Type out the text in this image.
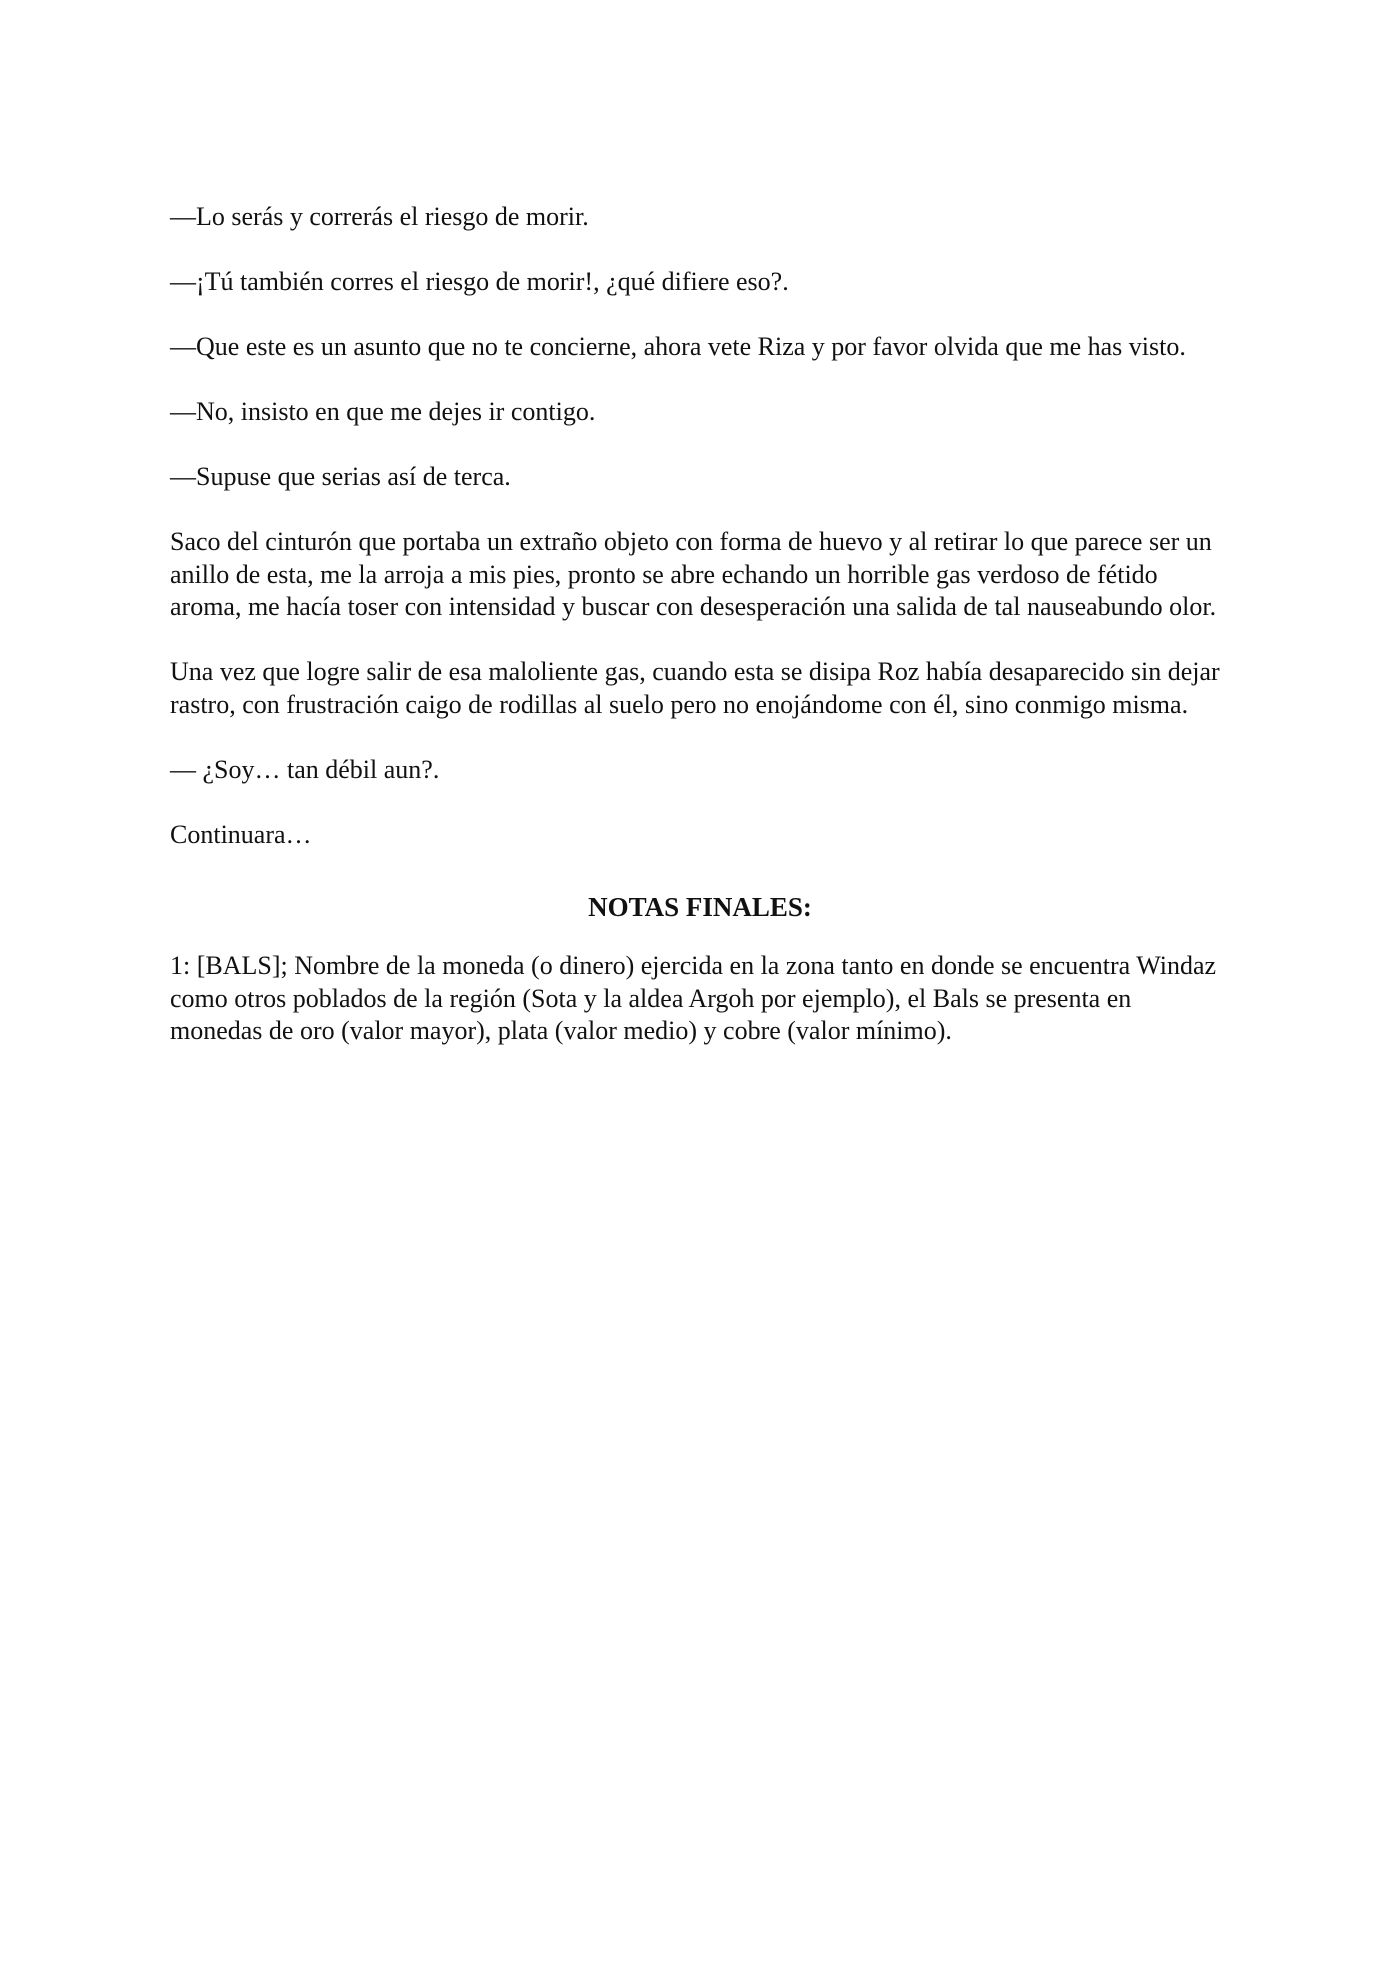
—Lo serás y correrás el riesgo de morir.

—¡Tú también corres el riesgo de morir!, ¿qué difiere eso?.

—Que este es un asunto que no te concierne, ahora vete Riza y por favor olvida que me has visto.

—No, insisto en que me dejes ir contigo.

—Supuse que serias así de terca.

Saco del cinturón que portaba un extraño objeto con forma de huevo y al retirar lo que parece ser un anillo de esta, me la arroja a mis pies, pronto se abre echando un horrible gas verdoso de fétido aroma, me hacía toser con intensidad y buscar con desesperación una salida de tal nauseabundo olor.

Una vez que logre salir de esa maloliente gas, cuando esta se disipa Roz había desaparecido sin dejar rastro, con frustración caigo de rodillas al suelo pero no enojándome con él, sino conmigo misma.

— ¿Soy… tan débil aun?.

Continuara…

NOTAS FINALES:

1: [BALS]; Nombre de la moneda (o dinero) ejercida en la zona tanto en donde se encuentra Windaz como otros poblados de la región (Sota y la aldea Argoh por ejemplo), el Bals se presenta en monedas de oro (valor mayor), plata (valor medio) y cobre (valor mínimo).
